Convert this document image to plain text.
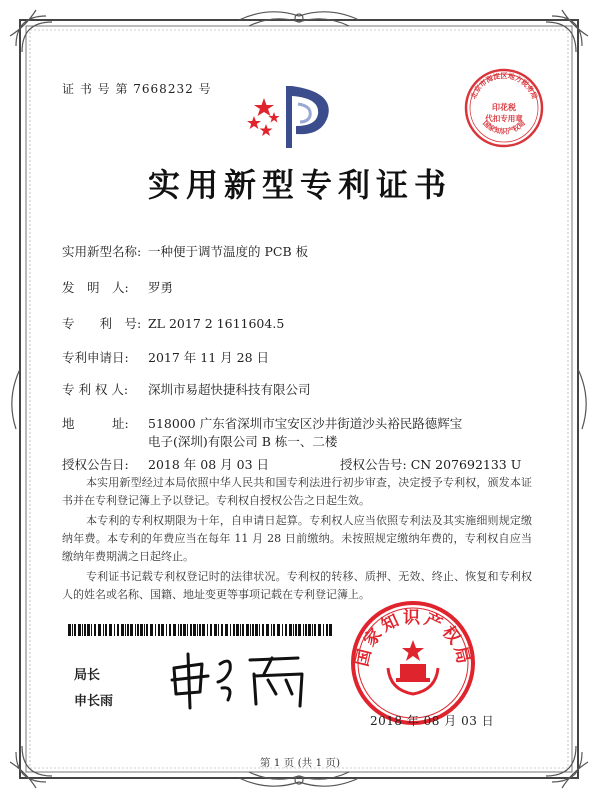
证 书 号 第 7668232 号	北京市海淀区地方税务局
印花税
代扣专用章
国家知识产权局
实用新型专利证书
实用新型名称: 一种便于调节温度的 PCB 板
发　明　人: 罗勇
专　　利　号: ZL 2017 2 1611604.5
专利申请日: 2017 年 11 月 28 日
专 利 权 人: 深圳市易超快捷科技有限公司
地　　　址: 518000 广东省深圳市宝安区沙井街道沙头裕民路德辉宝
电子(深圳)有限公司 B 栋一、二楼
授权公告日: 2018 年 08 月 03 日	授权公告号: CN 207692133 U
本实用新型经过本局依照中华人民共和国专利法进行初步审查，决定授予专利权，颁发本证书并在专利登记簿上予以登记。专利权自授权公告之日起生效。
本专利的专利权期限为十年，自申请日起算。专利权人应当依照专利法及其实施细则规定缴纳年费。本专利的年费应当在每年 11 月 28 日前缴纳。未按照规定缴纳年费的，专利权自应当缴纳年费期满之日起终止。
专利证书记载专利权登记时的法律状况。专利权的转移、质押、无效、终止、恢复和专利权人的姓名或名称、国籍、地址变更等事项记载在专利登记簿上。
局长
申长雨
国家知识产权局
2018 年 08 月 03 日
第 1 页 (共 1 页)
